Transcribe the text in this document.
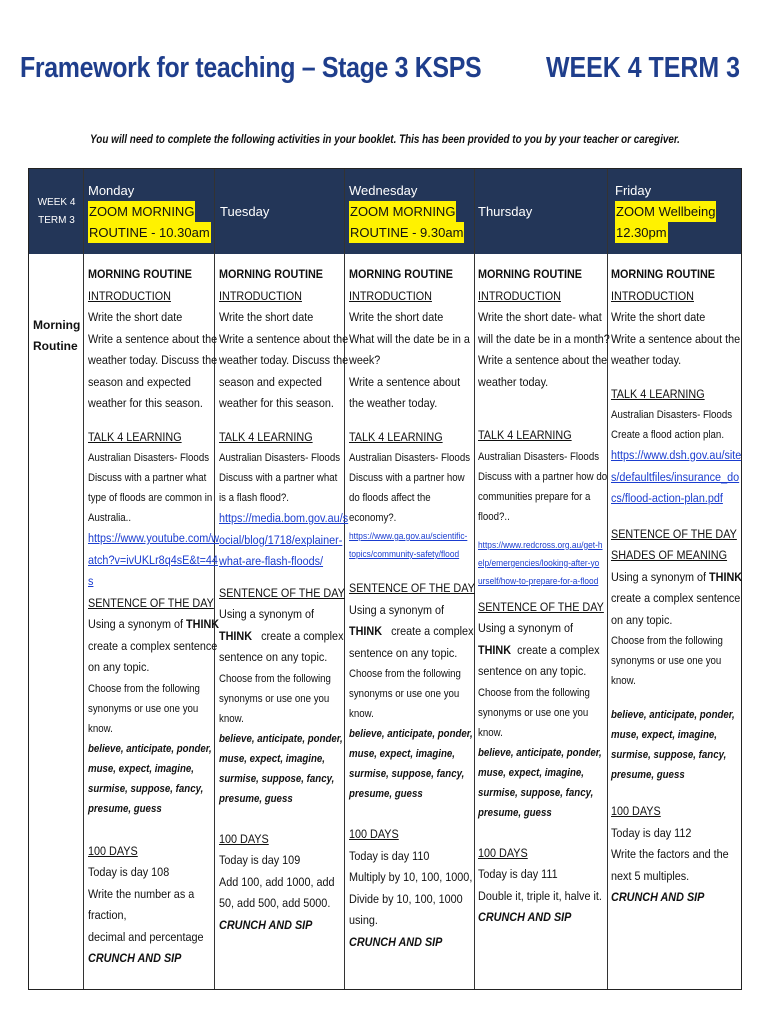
Framework for teaching – Stage 3 KSPS WEEK 4 TERM 3
You will need to complete the following activities in your booklet. This has been provided to you by your teacher or caregiver.
WEEK 4
TERM 3
Monday
ZOOM MORNING
ROUTINE - 10.30am
Tuesday
Wednesday
ZOOM MORNING
ROUTINE - 9.30am
Thursday
Friday
ZOOM Wellbeing
12.30pm
Morning
Routine
MORNING ROUTINE
INTRODUCTION
Write the short date
Write a sentence about the
weather today. Discuss the
season and expected
weather for this season.
TALK 4 LEARNING
Australian Disasters- Floods
Discuss with a partner what
type of floods are common in
Australia..
https://www.youtube.com/w
atch?v=ivUKLr8q4sE&t=44
s
SENTENCE OF THE DAY
Using a synonym of THINK
create a complex sentence
on any topic.
Choose from the following
synonyms or use one you
know.
believe, anticipate, ponder,
muse, expect, imagine,
surmise, suppose, fancy,
presume, guess
100 DAYS
Today is day 108
Write the number as a
fraction,
decimal and percentage
CRUNCH AND SIP
MORNING ROUTINE
INTRODUCTION
Write the short date
Write a sentence about the
weather today. Discuss the
season and expected
weather for this season.
TALK 4 LEARNING
Australian Disasters- Floods
Discuss with a partner what
is a flash flood?.
https://media.bom.gov.au/s
ocial/blog/1718/explainer-
what-are-flash-floods/
SENTENCE OF THE DAY
Using a synonym of
THINK create a complex
sentence on any topic.
Choose from the following
synonyms or use one you
know.
believe, anticipate, ponder,
muse, expect, imagine,
surmise, suppose, fancy,
presume, guess
100 DAYS
Today is day 109
Add 100, add 1000, add
50, add 500, add 5000.
CRUNCH AND SIP
MORNING ROUTINE
INTRODUCTION
Write the short date
What will the date be in a
week?
Write a sentence about
the weather today.
TALK 4 LEARNING
Australian Disasters- Floods
Discuss with a partner how
do floods affect the
economy?.
https://www.ga.gov.au/scientific-
topics/community-safety/flood
SENTENCE OF THE DAY
Using a synonym of
THINK create a complex
sentence on any topic.
Choose from the following
synonyms or use one you
know.
believe, anticipate, ponder,
muse, expect, imagine,
surmise, suppose, fancy,
presume, guess
100 DAYS
Today is day 110
Multiply by 10, 100, 1000,
Divide by 10, 100, 1000
using.
CRUNCH AND SIP
MORNING ROUTINE
INTRODUCTION
Write the short date- what
will the date be in a month?
Write a sentence about the
weather today.
TALK 4 LEARNING
Australian Disasters- Floods
Discuss with a partner how do
communities prepare for a
flood?..
https://www.redcross.org.au/get-h
elp/emergencies/looking-after-yo
urself/how-to-prepare-for-a-flood
SENTENCE OF THE DAY
Using a synonym of
THINK create a complex
sentence on any topic.
Choose from the following
synonyms or use one you
know.
believe, anticipate, ponder,
muse, expect, imagine,
surmise, suppose, fancy,
presume, guess
100 DAYS
Today is day 111
Double it, triple it, halve it.
CRUNCH AND SIP
MORNING ROUTINE
INTRODUCTION
Write the short date
Write a sentence about the
weather today.
TALK 4 LEARNING
Australian Disasters- Floods
Create a flood action plan.
https://www.dsh.gov.au/site
s/defaultfiles/insurance_do
cs/flood-action-plan.pdf
SENTENCE OF THE DAY
SHADES OF MEANING
Using a synonym of THINK
create a complex sentence
on any topic.
Choose from the following
synonyms or use one you
know.
believe, anticipate, ponder,
muse, expect, imagine,
surmise, suppose, fancy,
presume, guess
100 DAYS
Today is day 112
Write the factors and the
next 5 multiples.
CRUNCH AND SIP
